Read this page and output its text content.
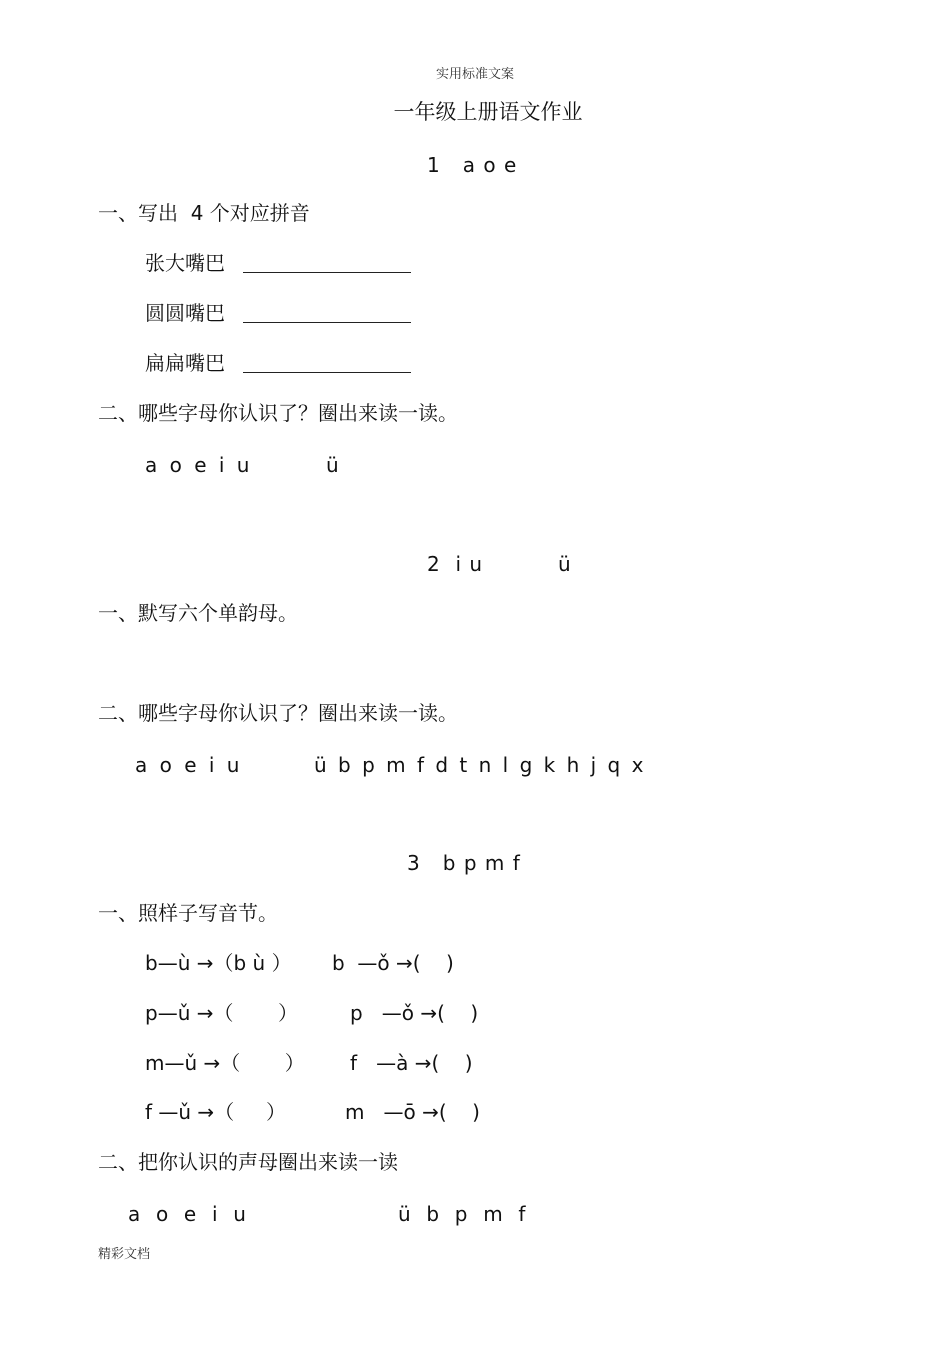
实用标准文案
一年级上册语文作业
1   a o e
一、写出  4 个对应拼音
张大嘴巴
圆圆嘴巴
扁扁嘴巴
二、哪些字母你认识了？圈出来读一读。
a o e i u	ü
2  i u	ü
一、默写六个单韵母。
二、哪些字母你认识了？圈出来读一读。
a o e i u	ü b p m f d t n l g k h j q x
3   b p m f
一、照样子写音节。
b—ù →（b ù ） b  —ǒ →(    )
p—ǔ →（       ）	p   —ǒ →(    )
m—ǔ →（       ） f   —à →(    )
f —ǔ →（     ）	m   —ō →(    )
二、把你认识的声母圈出来读一读
a  o  e  i  u	ü  b  p  m  f
精彩文档
